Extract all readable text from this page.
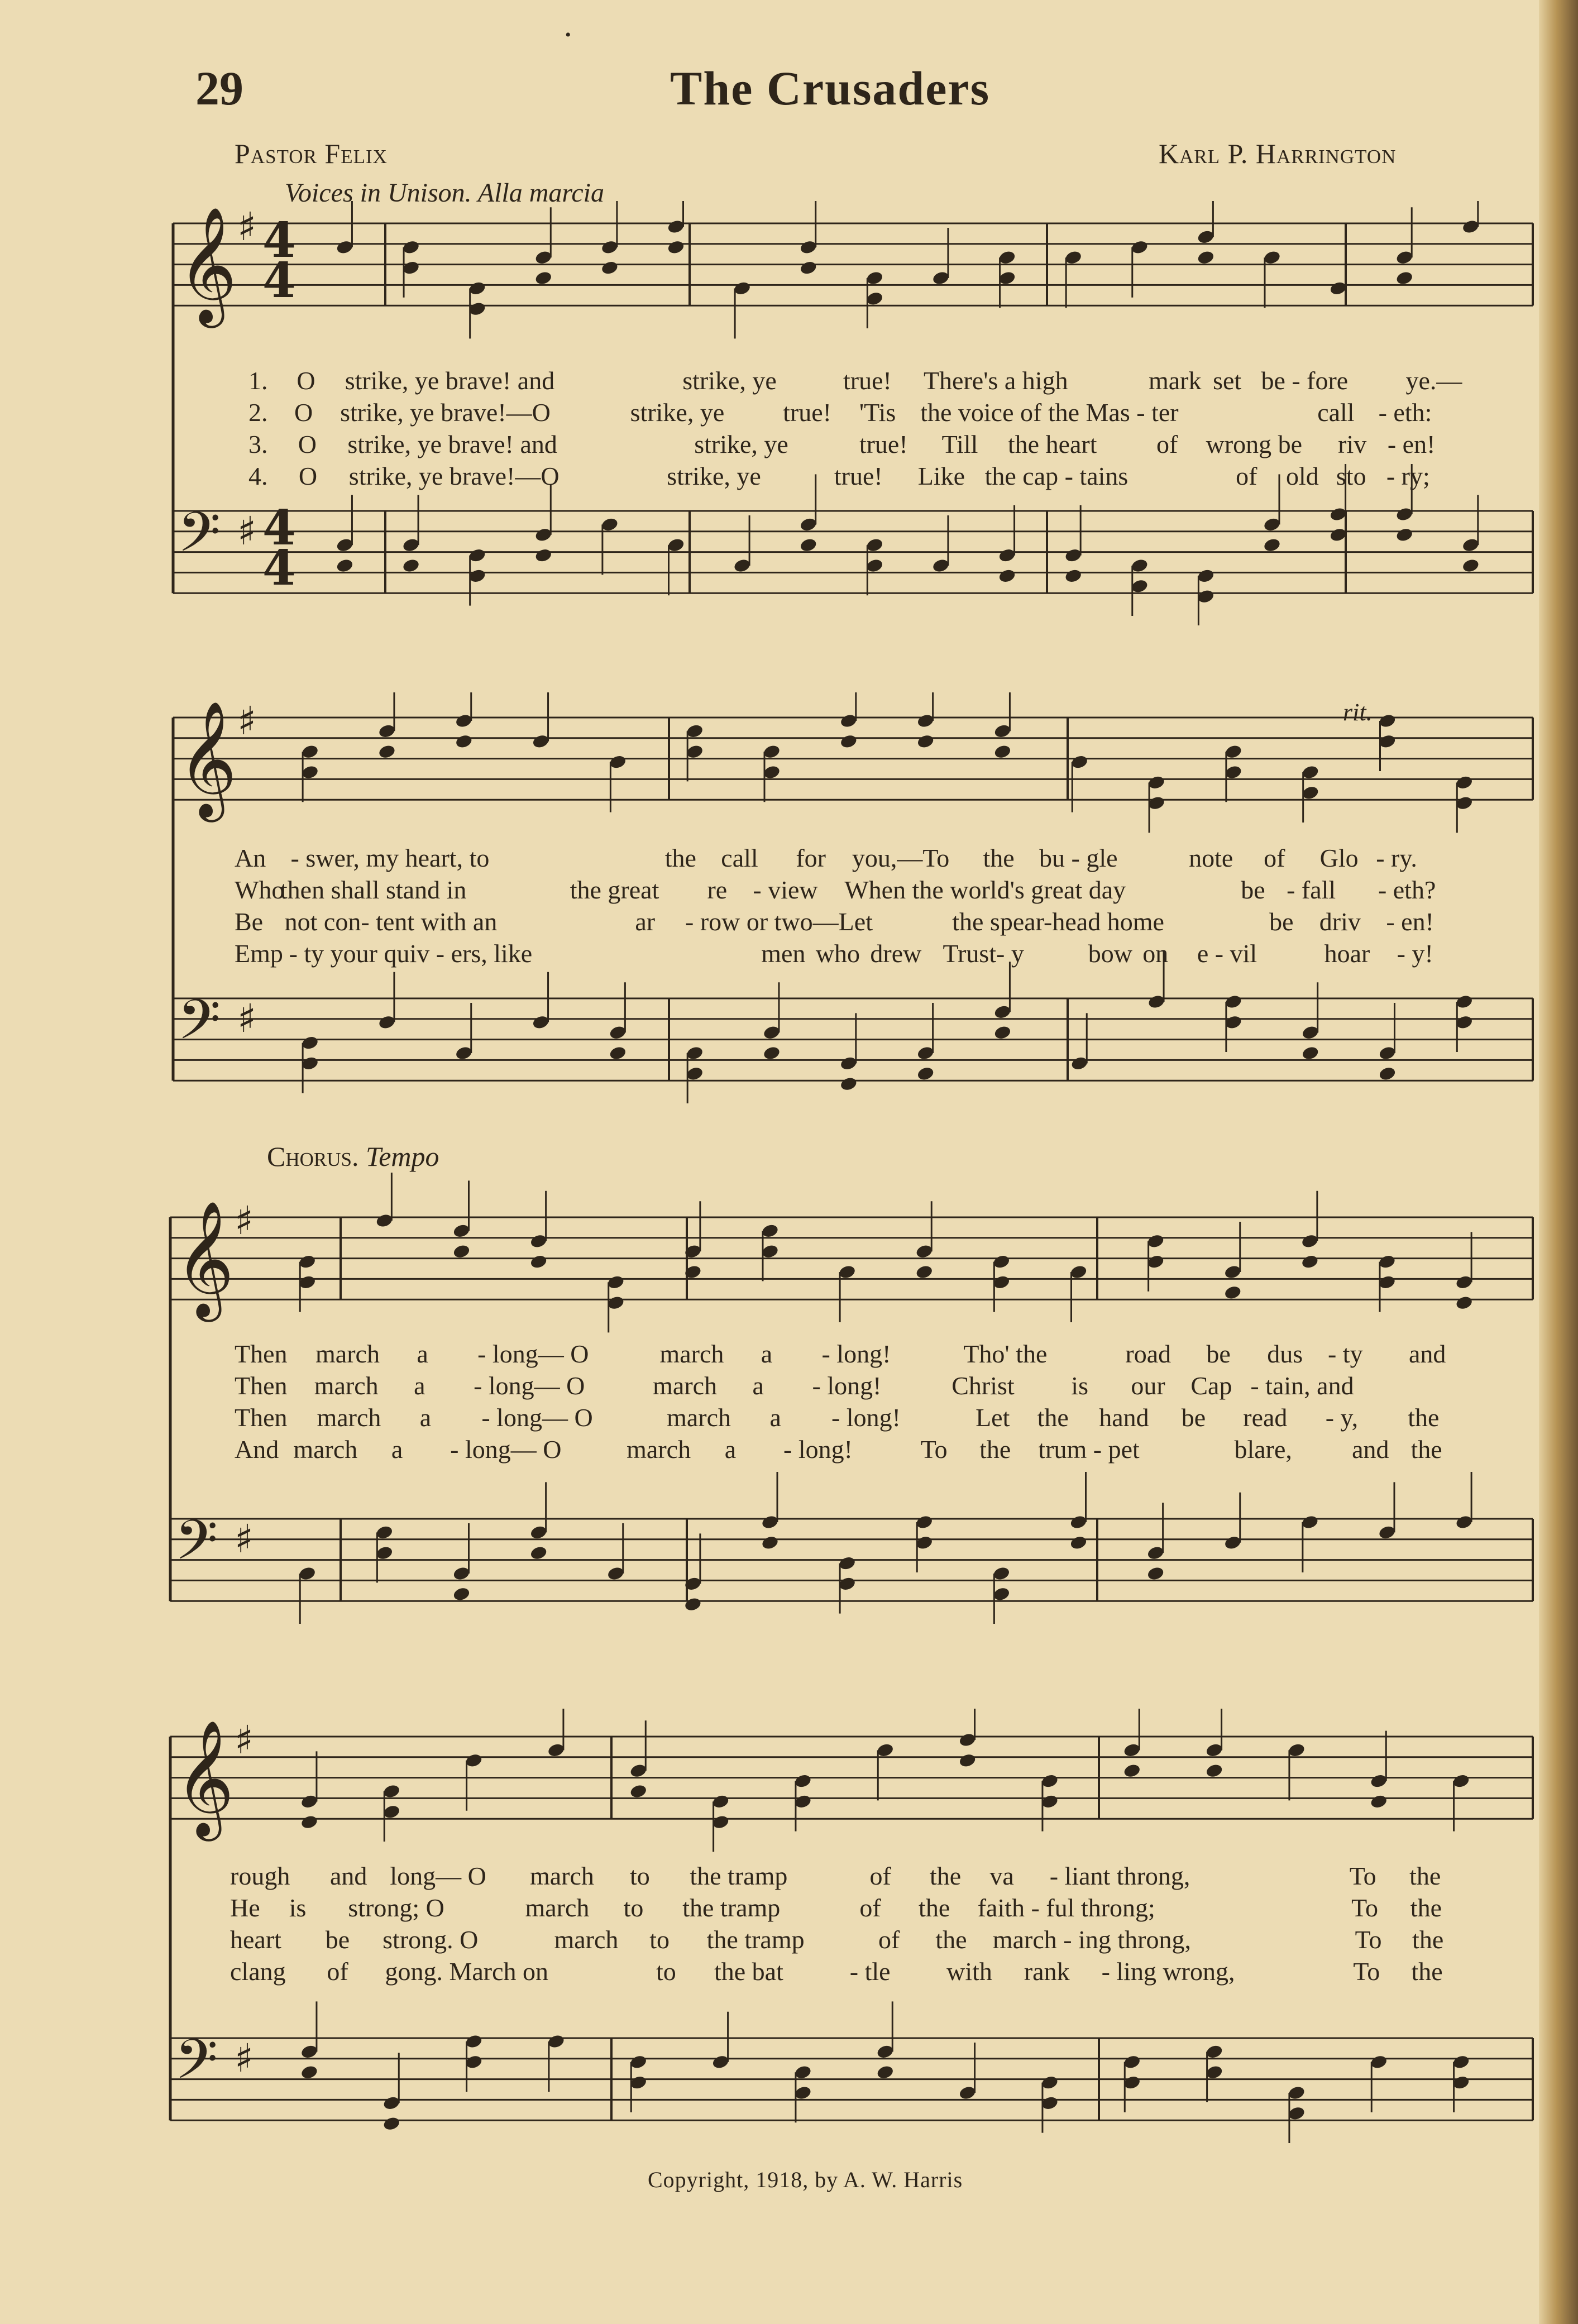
•
29	The Crusaders
Pastor Felix	Karl P. Harrington
Voices in Unison. Alla marcia
𝄞 ♯ 4
4
𝄢 ♯ 4
4
1. O strike, ye brave! and	strike, ye	true! There's a high	mark set be - fore ye.—
2. O strike, ye brave!—O	strike, ye true! 'Tis the voice of the Mas - ter	call - eth:
3. O strike, ye brave! and	strike, ye	true! Till the heart of wrong be riv - en!
4. O strike, ye brave!—O	strike, ye	true! Like the cap - tains	of old sto - ry;
𝄞 ♯
𝄢 ♯
rit.
An - swer, my heart, to	the call for you,—To the bu - gle	note of Glo - ry.
Who
then shall stand in	the great re - view When the world's great day	be - fall - eth?
Be not con- tent with an	ar - row or two—Let	the spear-head home	be driv - en!
Emp - ty your quiv - ers, like	men who drew Trust- y bow on e - vil	hoar - y!
Chorus. Tempo
𝄞 ♯
𝄢 ♯
Then march a - long— O	march a - long!	Tho' the	road be dus - ty and
Then march a - long— O	march a - long!	Christ is our Cap - tain, and
Then march a - long— O	march a - long!	Let the hand be read - y, the
And march a - long— O	march a - long!	To the trum - pet	blare, and the
𝄞 ♯
𝄢 ♯
rough and long— O march to the tramp	of the va - liant throng,	To the
He is strong; O	march to the tramp	of the faith - ful throng;	To the
heart be strong. O	march to the tramp	of the march - ing throng,	To the
clang of gong. March on	to the bat	- tle with rank - ling wrong,	To the
Copyright, 1918, by A. W. Harris
